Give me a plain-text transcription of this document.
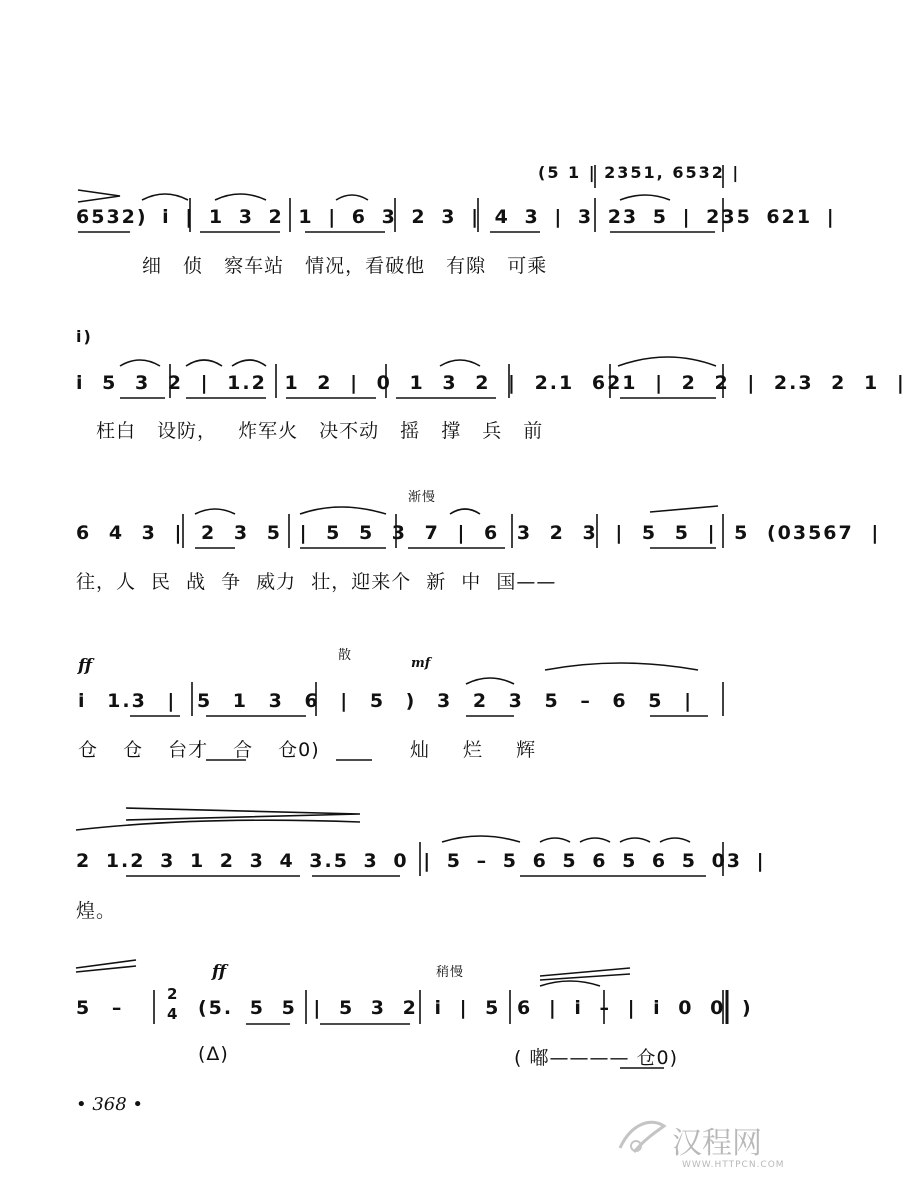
(5 1 | 2351, 6532 |
6532) i | 1 3 2 1 | 6 3 2 3 | 4 3 | 3 23 5 | 235 621 |
细 侦 察车站 情况，看破他 有隙 可乘
i)
i 5 3 2 | 1.2 1 2 | 0 1 3 2 | 2.1 621 | 2 2 | 2.3 2 1 |
枉白 设防， 炸军火 决不动 摇 撑 兵 前
渐慢
6 4 3 | 2 3 5 | 5 5 3 7 | 6 3 2 3 | 5 5 | 5 (03567 |
往，人 民 战 争 威力 壮，迎来个 新 中 国——
ff
散
mf
i 1.3 | 5 1 3 6 | 5 ) 3 2 3 5 – 6 5 |
仓 仓 台才 合 仓0)	灿 烂 辉
2 1.2 3 1 2 3 4 3.5 3 0 | 5 – 5 6 5 6 5 6 5 03 |
煌。
ff	稍慢
5 –
2
4 (5. 5 5 | 5 3 2 i | 5 6 | i – | i 0 0 )
(Δ)	( 嘟———— 仓0)
• 368 •
汉程网
WWW.HTTPCN.COM
